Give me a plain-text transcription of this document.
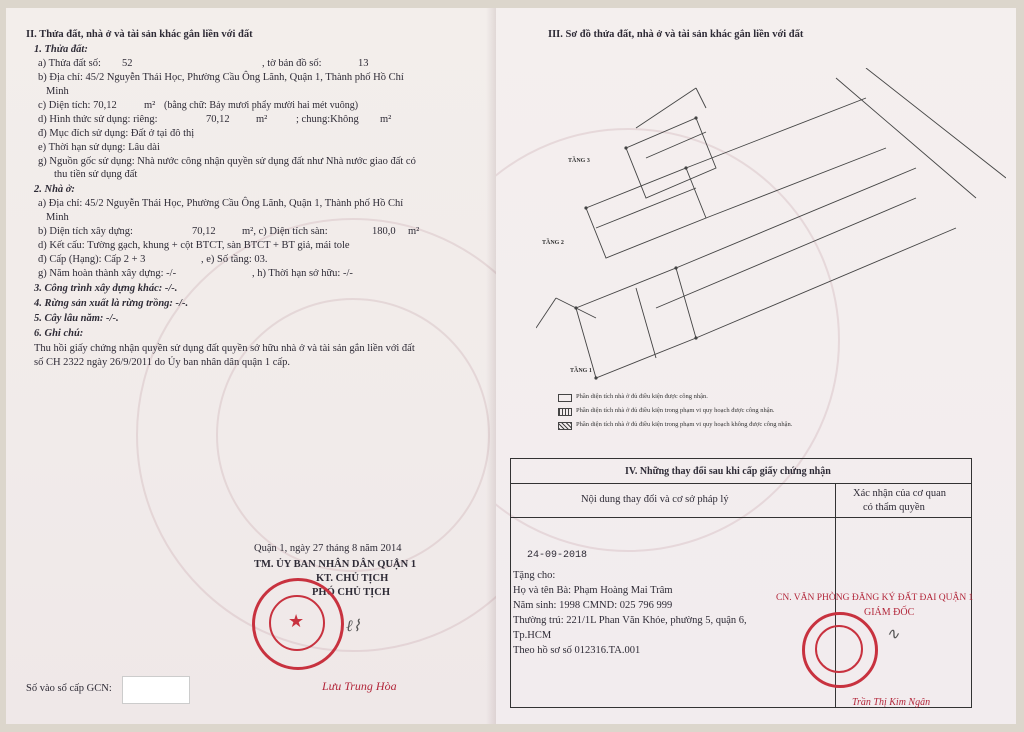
II. Thửa đất, nhà ở và tài sản khác gắn liền với đất
1. Thửa đất:
a) Thửa đất số: 52	, tờ bản đồ số:	13
b) Địa chỉ: 45/2 Nguyễn Thái Học, Phường Cầu Ông Lãnh, Quận 1, Thành phố Hồ Chí
Minh
c) Diện tích: 70,12	m² (bằng chữ: Bảy mươi phẩy mười hai mét vuông)
d) Hình thức sử dụng: riêng:	70,12	m²	; chung:Không m²
đ) Mục đích sử dụng: Đất ở tại đô thị
e) Thời hạn sử dụng: Lâu dài
g) Nguồn gốc sử dụng: Nhà nước công nhận quyền sử dụng đất như Nhà nước giao đất có
thu tiền sử dụng đất
2. Nhà ở:
a) Địa chỉ: 45/2 Nguyễn Thái Học, Phường Cầu Ông Lãnh, Quận 1, Thành phố Hồ Chí
Minh
b) Diện tích xây dựng:	70,12	m², c) Diện tích sàn:	180,0 m²
d) Kết cấu: Tường gạch, khung + cột BTCT, sàn BTCT + BT giả, mái tole
đ) Cấp (Hạng): Cấp 2 + 3	, e) Số tầng: 03.
g) Năm hoàn thành xây dựng: -/-	, h) Thời hạn sở hữu: -/-
3. Công trình xây dựng khác: -/-.
4. Rừng sản xuất là rừng trồng: -/-.
5. Cây lâu năm: -/-.
6. Ghi chú:
Thu hồi giấy chứng nhận quyền sử dụng đất quyền sở hữu nhà ở và tài sản gắn liền với đất
số CH 2322 ngày 26/9/2011 do Ủy ban nhân dân quận 1 cấp.
Quận 1, ngày 27 tháng 8 năm 2014
TM. ỦY BAN NHÂN DÂN QUẬN 1
KT. CHỦ TỊCH
PHÓ CHỦ TỊCH
★	ℓ⌇
Lưu Trung Hòa
Số vào sổ cấp GCN:
III. Sơ đồ thửa đất, nhà ở và tài sản khác gắn liền với đất
TẦNG 3
TẦNG 2
TẦNG 1
Phần diện tích nhà ở đủ điều kiện được công nhận.
Phần diện tích nhà ở đủ điều kiện trong phạm vi quy hoạch được công nhận.
Phần diện tích nhà ở đủ điều kiện trong phạm vi quy hoạch không được công nhận.
IV. Những thay đổi sau khi cấp giấy chứng nhận
Nội dung thay đổi và cơ sở pháp lý
Xác nhận của cơ quan
có thẩm quyền
24-09-2018
Tặng cho:
Họ và tên Bà: Phạm Hoàng Mai Trâm
Năm sinh: 1998 CMND: 025 796 999
Thường trú: 221/1L Phan Văn Khỏe, phường 5, quận 6,
Tp.HCM
Theo hồ sơ số 012316.TA.001
CN. VĂN PHÒNG ĐĂNG KÝ ĐẤT ĐAI QUẬN 1
GIÁM ĐỐC
∿
Trần Thị Kim Ngân
